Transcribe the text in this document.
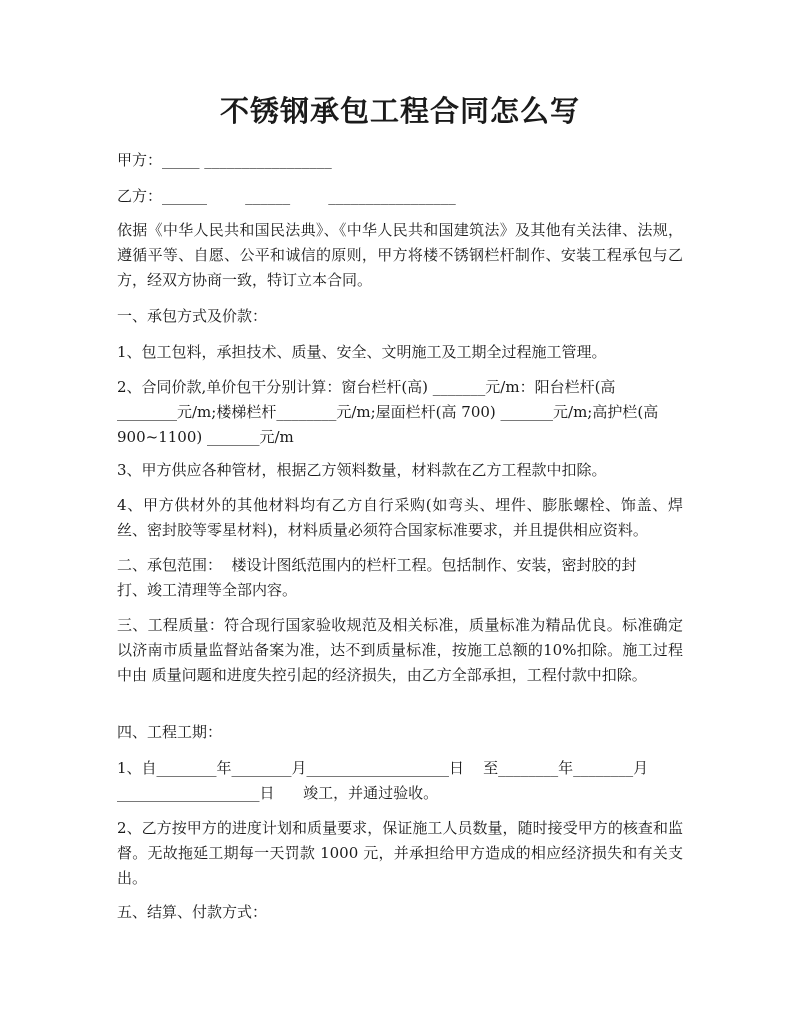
不锈钢承包工程合同怎么写
甲方：_____ _________________
乙方：______        ______        _________________
依据《中华人民共和国民法典》、《中华人民共和国建筑法》及其他有关法律、法规，遵循平等、自愿、公平和诚信的原则，甲方将楼不锈钢栏杆制作、安装工程承包与乙方，经双方协商一致，特订立本合同。
一、承包方式及价款：
1、包工包料，承担技术、质量、安全、文明施工及工期全过程施工管理。
2、合同价款,单价包干分别计算：窗台栏杆(高) _______元/m：阳台栏杆(高
________元/m;楼梯栏杆________元/m;屋面栏杆(高 700) _______元/m;高护栏(高
900~1100) _______元/m
3、甲方供应各种管材，根据乙方领料数量，材料款在乙方工程款中扣除。
4、甲方供材外的其他材料均有乙方自行采购(如弯头、埋件、膨胀螺栓、饰盖、焊丝、密封胶等零星材料)，材料质量必须符合国家标准要求，并且提供相应资料。
二、承包范围：  楼设计图纸范围内的栏杆工程。包括制作、安装，密封胶的封
打、竣工清理等全部内容。
三、工程质量：符合现行国家验收规范及相关标准，质量标准为精品优良。标准确定以济南市质量监督站备案为准，达不到质量标准，按施工总额的10%扣除。施工过程中由 质量问题和进度失控引起的经济损失，由乙方全部承担，工程付款中扣除。
四、工程工期：
1、自________年________月___________________日    至________年________月
___________________日      竣工，并通过验收。
2、乙方按甲方的进度计划和质量要求，保证施工人员数量，随时接受甲方的核查和监督。无故拖延工期每一天罚款 1000 元，并承担给甲方造成的相应经济损失和有关支出。
五、结算、付款方式：
